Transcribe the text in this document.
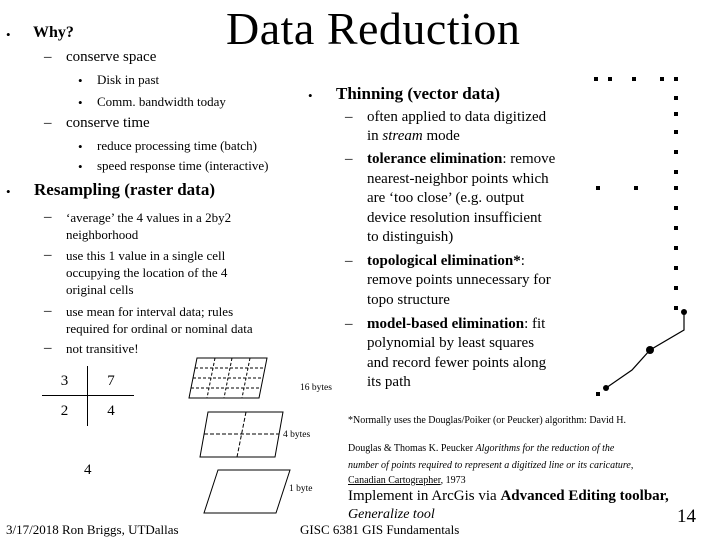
Data Reduction
• Why?
– conserve space
• Disk in past
• Comm. bandwidth today
– conserve time
• reduce processing time (batch)
• speed response time (interactive)
• Resampling (raster data)
– ‘average’ the 4 values in a 2by2
neighborhood
– use this 1 value in a single cell
occupying the location of the 4
original cells
– use mean for interval data; rules
required for ordinal or nominal data
– not transitive!
3	7
2	4
16 bytes
4 bytes
1 byte
4
• Thinning (vector data)
– often applied to data digitized
in stream mode
– tolerance elimination: remove
nearest-neighbor points which
are ‘too close’ (e.g. output
device resolution insufficient
to distinguish)
– topological elimination*:
remove points unnecessary for
topo structure
– model-based elimination: fit
polynomial by least squares
and record fewer points along
its path
*Normally uses the Douglas/Poiker (or Peucker) algorithm: David H.
Douglas & Thomas K. Peucker Algorithms for the reduction of the
number of points required to represent a digitized line or its caricature,
Canadian Cartographer, 1973
Implement in ArcGis via Advanced Editing toolbar,
Generalize tool
3/17/2018 Ron Briggs, UTDallas	GISC 6381 GIS Fundamentals
14
